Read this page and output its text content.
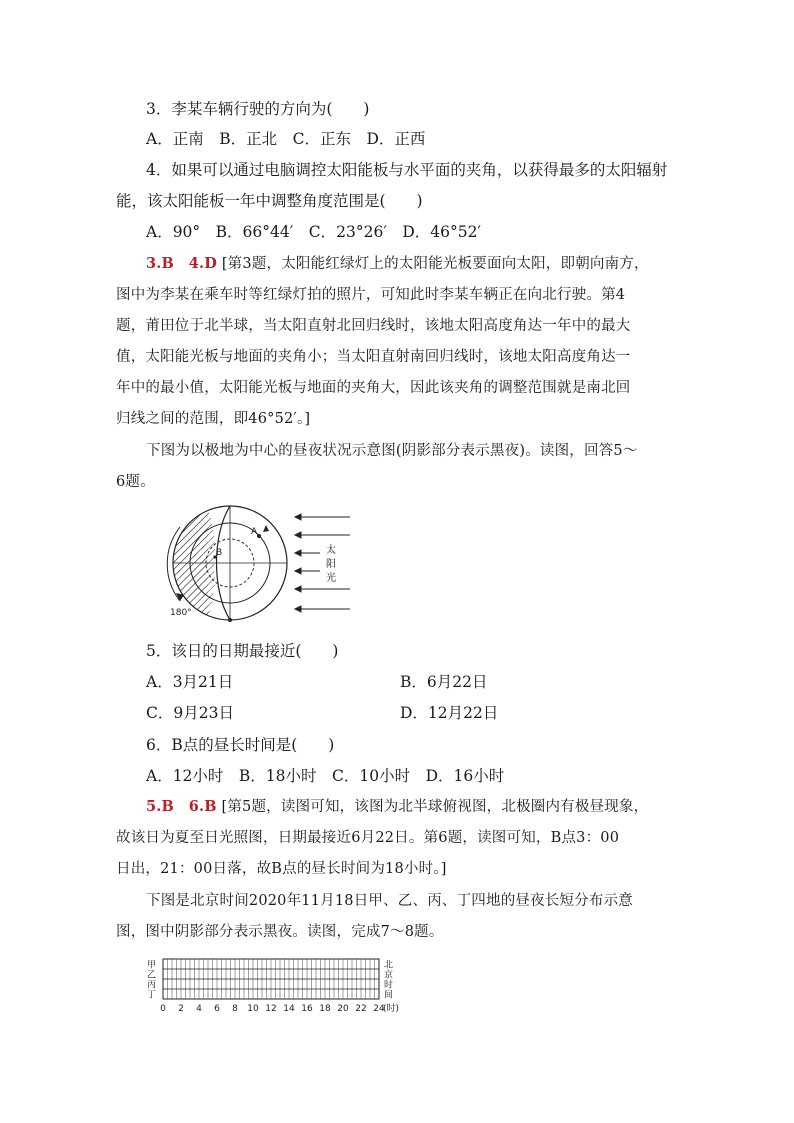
3．李某车辆行驶的方向为(　　)
A．正南　B．正北　C．正东　D．正西
4．如果可以通过电脑调控太阳能板与水平面的夹角，以获得最多的太阳辐射
能，该太阳能板一年中调整角度范围是(　　)
A．90°　B．66°44′　C．23°26′　D．46°52′
3.B　4.D [第3题，太阳能红绿灯上的太阳能光板要面向太阳，即朝向南方，
图中为李某在乘车时等红绿灯拍的照片，可知此时李某车辆正在向北行驶。第4
题，莆田位于北半球，当太阳直射北回归线时，该地太阳高度角达一年中的最大
值，太阳能光板与地面的夹角小；当太阳直射南回归线时，该地太阳高度角达一
年中的最小值，太阳能光板与地面的夹角大，因此该夹角的调整范围就是南北回
归线之间的范围，即46°52′。]
下图为以极地为中心的昼夜状况示意图(阴影部分表示黑夜)。读图，回答5～
6题。
A
B
180°
太
阳
光
5．该日的日期最接近(　　)
A．3月21日	B．6月22日
C．9月23日	D．12月22日
6．B点的昼长时间是(　　)
A．12小时　B．18小时　C．10小时　D．16小时
5.B　6.B [第5题，读图可知，该图为北半球俯视图，北极圈内有极昼现象，
故该日为夏至日光照图，日期最接近6月22日。第6题，读图可知，B点3：00
日出，21：00日落，故B点的昼长时间为18小时。]
下图是北京时间2020年11月18日甲、乙、丙、丁四地的昼夜长短分布示意
图，图中阴影部分表示黑夜。读图，完成7～8题。
甲
乙
丙
丁
北
京
时
间
0 2 4 6 8 10 12 14 16 18 20 22 24
(时)
